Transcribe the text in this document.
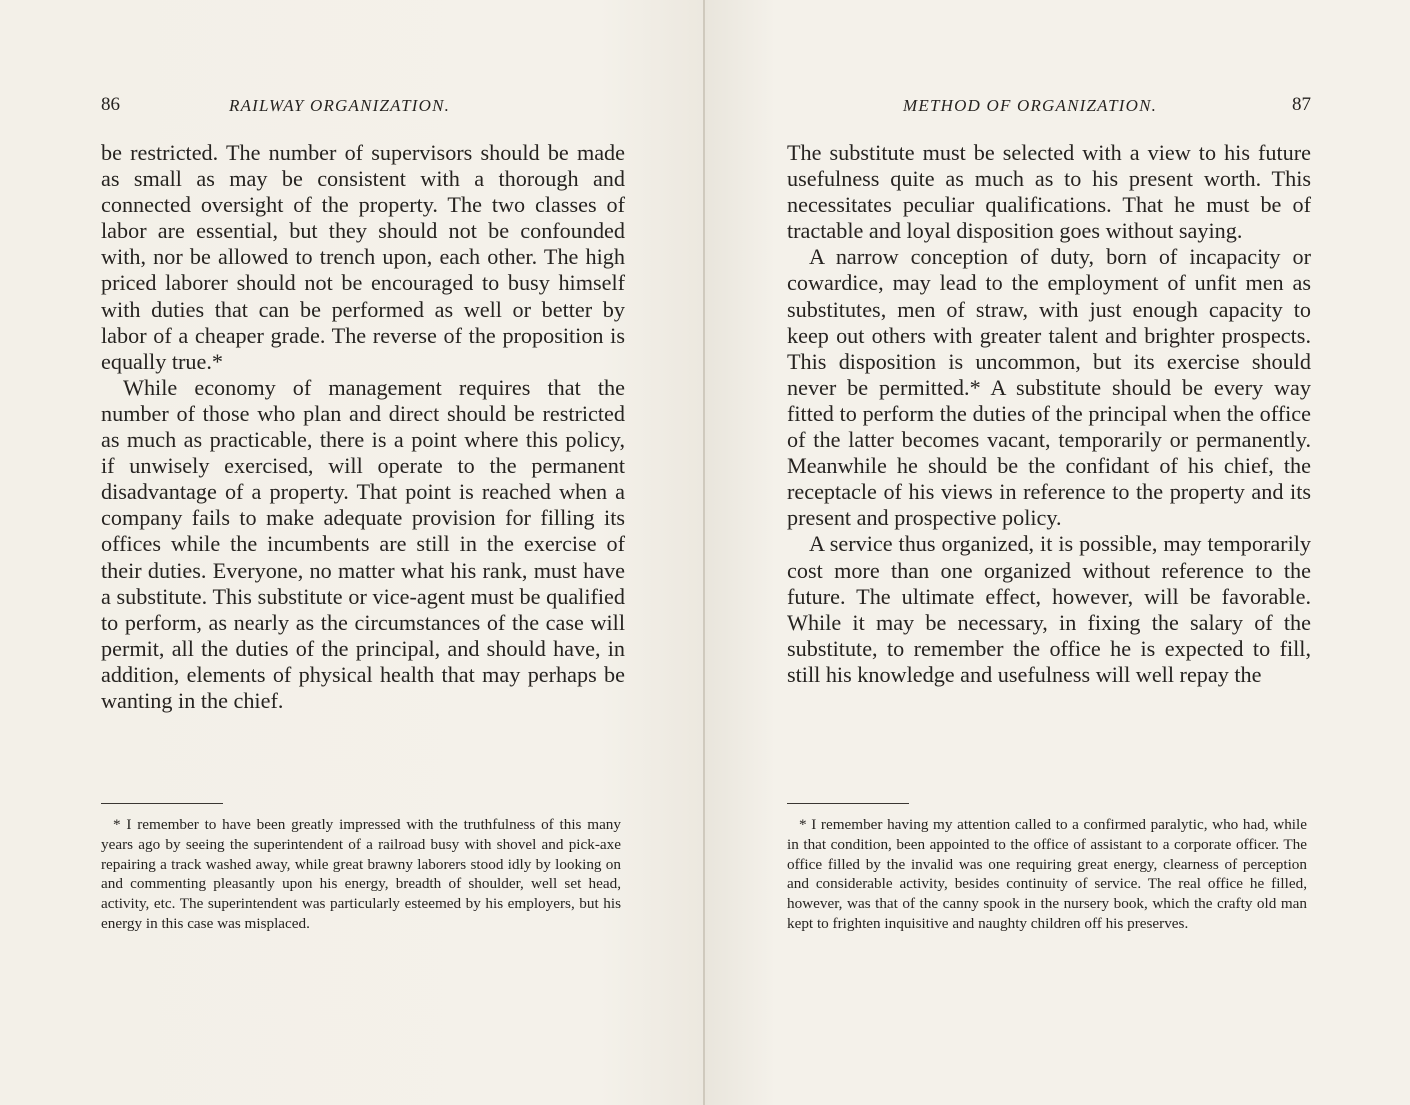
86	RAILWAY ORGANIZATION.

be restricted. The number of supervisors should be made as small as may be consistent with a thorough and connected oversight of the property. The two classes of labor are essential, but they should not be confounded with, nor be allowed to trench upon, each other. The high priced laborer should not be encouraged to busy himself with duties that can be performed as well or better by labor of a cheaper grade. The reverse of the proposition is equally true.*

While economy of management requires that the number of those who plan and direct should be restricted as much as practicable, there is a point where this policy, if unwisely exercised, will operate to the permanent disadvantage of a property. That point is reached when a company fails to make adequate provision for filling its offices while the incumbents are still in the exercise of their duties. Everyone, no matter what his rank, must have a substitute. This substitute or vice-agent must be qualified to perform, as nearly as the circumstances of the case will permit, all the duties of the principal, and should have, in addition, elements of physical health that may perhaps be wanting in the chief.

* I remember to have been greatly impressed with the truthfulness of this many years ago by seeing the superintendent of a railroad busy with shovel and pick-axe repairing a track washed away, while great brawny laborers stood idly by looking on and commenting pleasantly upon his energy, breadth of shoulder, well set head, activity, etc. The superintendent was particularly esteemed by his employers, but his energy in this case was misplaced.

METHOD OF ORGANIZATION.	87

The substitute must be selected with a view to his future usefulness quite as much as to his present worth. This necessitates peculiar qualifications. That he must be of tractable and loyal disposition goes without saying.

A narrow conception of duty, born of incapacity or cowardice, may lead to the employment of unfit men as substitutes, men of straw, with just enough capacity to keep out others with greater talent and brighter prospects. This disposition is uncommon, but its exercise should never be permitted.* A substitute should be every way fitted to perform the duties of the principal when the office of the latter becomes vacant, temporarily or permanently. Meanwhile he should be the confidant of his chief, the receptacle of his views in reference to the property and its present and prospective policy.

A service thus organized, it is possible, may temporarily cost more than one organized without reference to the future. The ultimate effect, however, will be favorable. While it may be necessary, in fixing the salary of the substitute, to remember the office he is expected to fill, still his knowledge and usefulness will well repay the

* I remember having my attention called to a confirmed paralytic, who had, while in that condition, been appointed to the office of assistant to a corporate officer. The office filled by the invalid was one requiring great energy, clearness of perception and considerable activity, besides continuity of service. The real office he filled, however, was that of the canny spook in the nursery book, which the crafty old man kept to frighten inquisitive and naughty children off his preserves.
